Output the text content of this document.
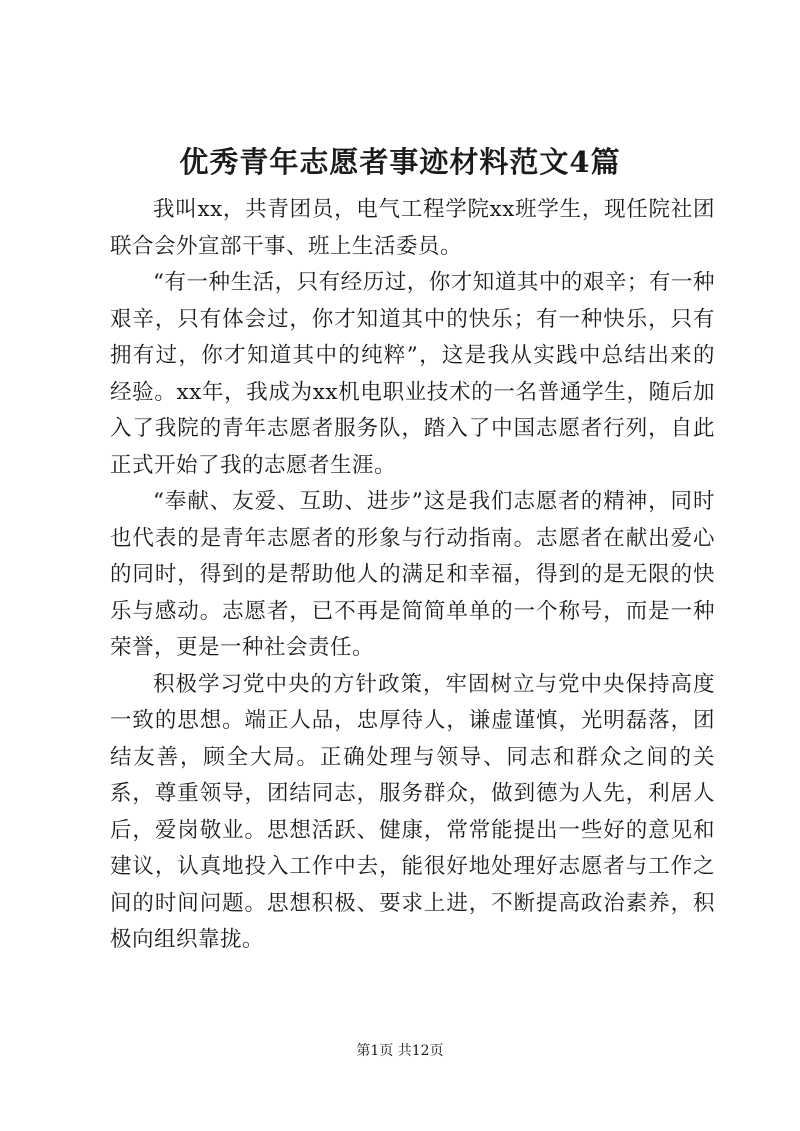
优秀青年志愿者事迹材料范文4篇

我叫xx，共青团员，电气工程学院xx班学生，现任院社团联合会外宣部干事、班上生活委员。

“有一种生活，只有经历过，你才知道其中的艰辛；有一种艰辛，只有体会过，你才知道其中的快乐；有一种快乐，只有拥有过，你才知道其中的纯粹”，这是我从实践中总结出来的经验。xx年，我成为xx机电职业技术的一名普通学生，随后加入了我院的青年志愿者服务队，踏入了中国志愿者行列，自此正式开始了我的志愿者生涯。

“奉献、友爱、互助、进步”这是我们志愿者的精神，同时也代表的是青年志愿者的形象与行动指南。志愿者在献出爱心的同时，得到的是帮助他人的满足和幸福，得到的是无限的快乐与感动。志愿者，已不再是简简单单的一个称号，而是一种荣誉，更是一种社会责任。

积极学习党中央的方针政策，牢固树立与党中央保持高度一致的思想。端正人品，忠厚待人，谦虚谨慎，光明磊落，团结友善，顾全大局。正确处理与领导、同志和群众之间的关系，尊重领导，团结同志，服务群众，做到德为人先，利居人后，爱岗敬业。思想活跃、健康，常常能提出一些好的意见和建议，认真地投入工作中去，能很好地处理好志愿者与工作之间的时间问题。思想积极、要求上进，不断提高政治素养，积极向组织靠拢。

第1页 共12页
